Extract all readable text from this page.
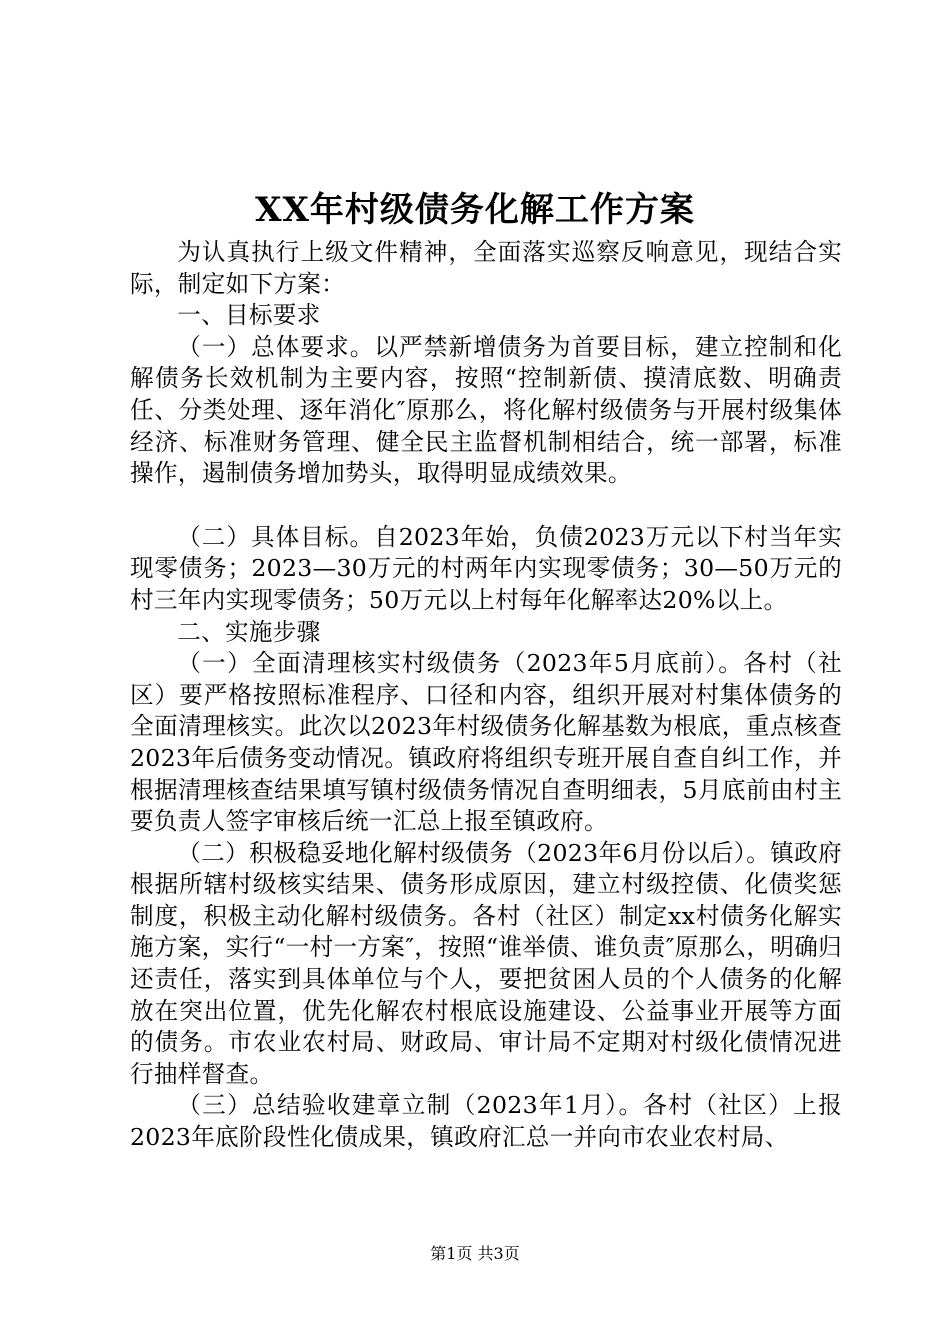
XX年村级债务化解工作方案

为认真执行上级文件精神，全面落实巡察反响意见，现结合实际，制定如下方案：

一、目标要求

（一）总体要求。以严禁新增债务为首要目标，建立控制和化解债务长效机制为主要内容，按照“控制新债、摸清底数、明确责任、分类处理、逐年消化″原那么，将化解村级债务与开展村级集体经济、标准财务管理、健全民主监督机制相结合，统一部署，标准操作，遏制债务增加势头，取得明显成绩效果。

（二）具体目标。自2023年始，负债2023万元以下村当年实现零债务；2023—30万元的村两年内实现零债务；30—50万元的村三年内实现零债务；50万元以上村每年化解率达20%以上。

二、实施步骤

（一）全面清理核实村级债务（2023年5月底前）。各村（社区）要严格按照标准程序、口径和内容，组织开展对村集体债务的全面清理核实。此次以2023年村级债务化解基数为根底，重点核查2023年后债务变动情况。镇政府将组织专班开展自查自纠工作，并根据清理核查结果填写镇村级债务情况自查明细表，5月底前由村主要负责人签字审核后统一汇总上报至镇政府。

（二）积极稳妥地化解村级债务（2023年6月份以后）。镇政府根据所辖村级核实结果、债务形成原因，建立村级控债、化债奖惩制度，积极主动化解村级债务。各村（社区）制定xx村债务化解实施方案，实行“一村一方案″，按照“谁举债、谁负责″原那么，明确归还责任，落实到具体单位与个人，要把贫困人员的个人债务的化解放在突出位置，优先化解农村根底设施建设、公益事业开展等方面的债务。市农业农村局、财政局、审计局不定期对村级化债情况进行抽样督查。

（三）总结验收建章立制（2023年1月）。各村（社区）上报2023年底阶段性化债成果，镇政府汇总一并向市农业农村局、

第1页 共3页
